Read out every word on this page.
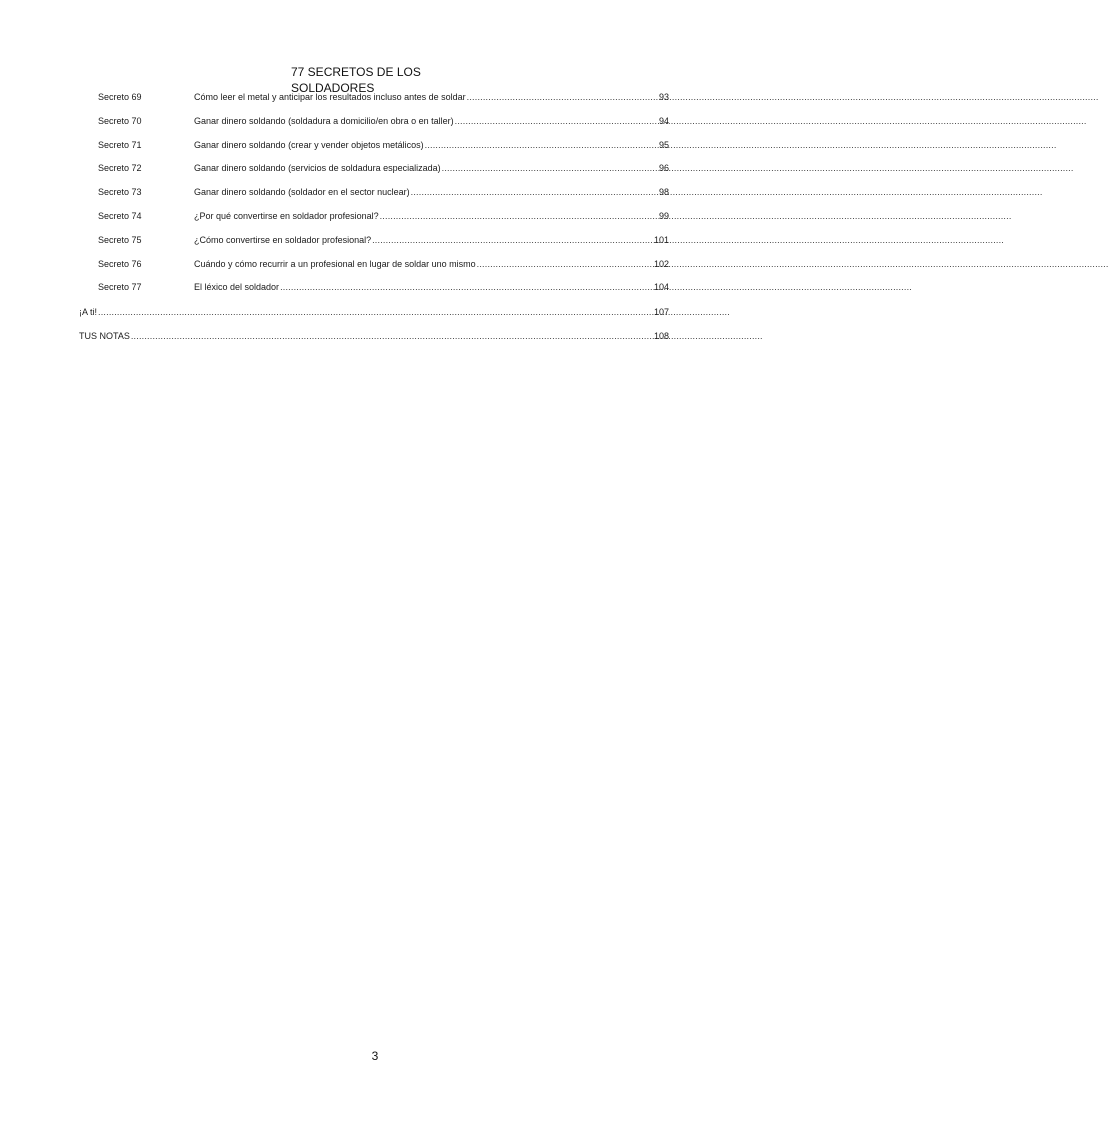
77 SECRETOS DE LOS SOLDADORES
Secreto 69	Cómo leer el metal y anticipar los resultados incluso antes de soldar .....	93
Secreto 70	Ganar dinero soldando (soldadura a domicilio/en obra o en taller) .....	94
Secreto 71	Ganar dinero soldando (crear y vender objetos metálicos) .....	95
Secreto 72	Ganar dinero soldando (servicios de soldadura especializada) .....	96
Secreto 73	Ganar dinero soldando (soldador en el sector nuclear) .....	98
Secreto 74	¿Por qué convertirse en soldador profesional? .....	99
Secreto 75	¿Cómo convertirse en soldador profesional? .....	101
Secreto 76	Cuándo y cómo recurrir a un profesional en lugar de soldar uno mismo .....	102
Secreto 77	El léxico del soldador .....	104
¡A ti! .....	107
TUS NOTAS .....	108
3
